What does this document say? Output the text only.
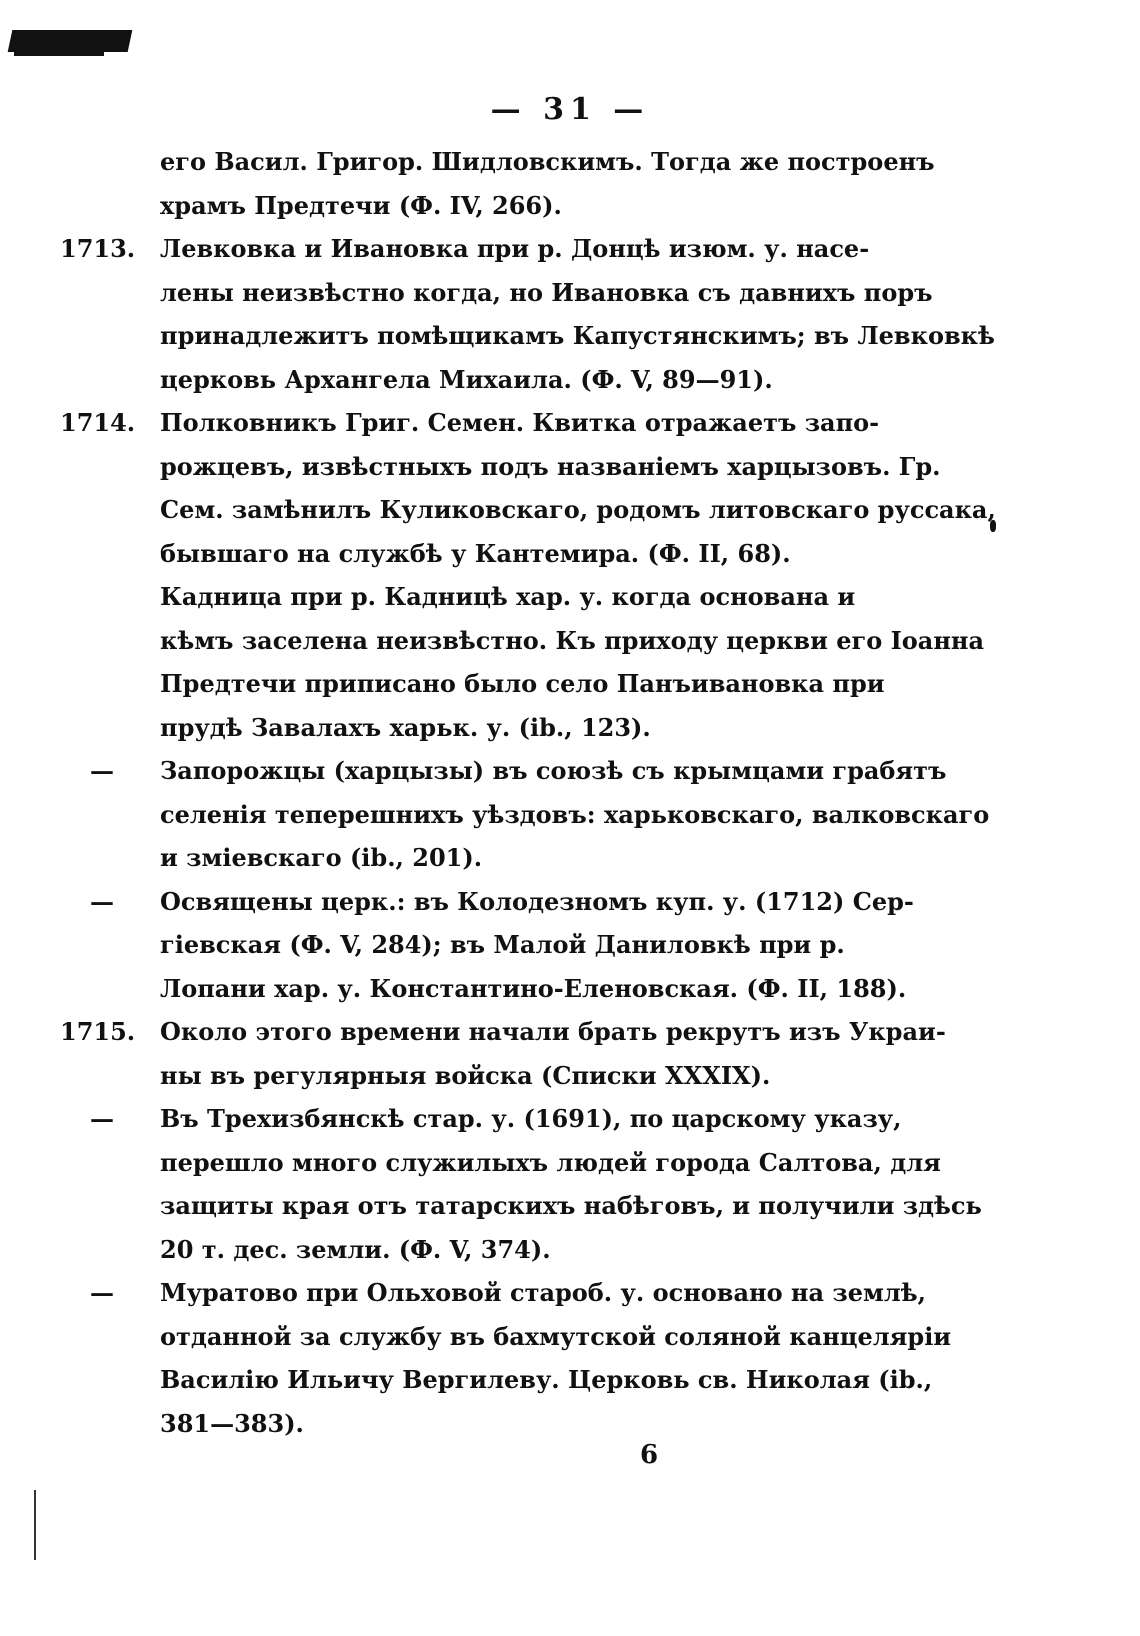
— 31 —
его Васил. Григор. Шидловскимъ. Тогда же построенъ
храмъ Предтечи (Ф. IV, 266).
1713.	Левковка и Ивановка при р. Донцѣ изюм. у. насе-
лены неизвѣстно когда, но Ивановка съ давнихъ поръ
принадлежитъ помѣщикамъ Капустянскимъ; въ Левковкѣ
церковь Архангела Михаила. (Ф. V, 89—91).
1714.	Полковникъ Григ. Семен. Квитка отражаетъ запо-
рожцевъ, извѣстныхъ подъ названіемъ харцызовъ. Гр.
Сем. замѣнилъ Куликовскаго, родомъ литовскаго руссака,
бывшаго на службѣ у Кантемира. (Ф. II, 68).
Кадница при р. Кадницѣ хар. у. когда основана и
кѣмъ заселена неизвѣстно. Къ приходу церкви его Іоанна
Предтечи приписано было село Панъивановка при
прудѣ Завалахъ харьк. у. (ib., 123).
—	Запорожцы (харцызы) въ союзѣ съ крымцами грабятъ
селенія теперешнихъ уѣздовъ: харьковскаго, валковскаго
и зміевскаго (ib., 201).
—	Освящены церк.: въ Колодезномъ куп. у. (1712) Сер-
гіевская (Ф. V, 284); въ Малой Даниловкѣ при р.
Лопани хар. у. Константино-Еленовская. (Ф. II, 188).
1715.	Около этого времени начали брать рекрутъ изъ Украи-
ны въ регулярныя войска (Списки XXXIX).
—	Въ Трехизбянскѣ стар. у. (1691), по царскому указу,
перешло много служилыхъ людей города Салтова, для
защиты края отъ татарскихъ набѣговъ, и получили здѣсь
20 т. дес. земли. (Ф. V, 374).
—	Муратово при Ольховой староб. у. основано на землѣ,
отданной за службу въ бахмутской соляной канцеляріи
Василію Ильичу Вергилеву. Церковь св. Николая (ib.,
381—383).
6
